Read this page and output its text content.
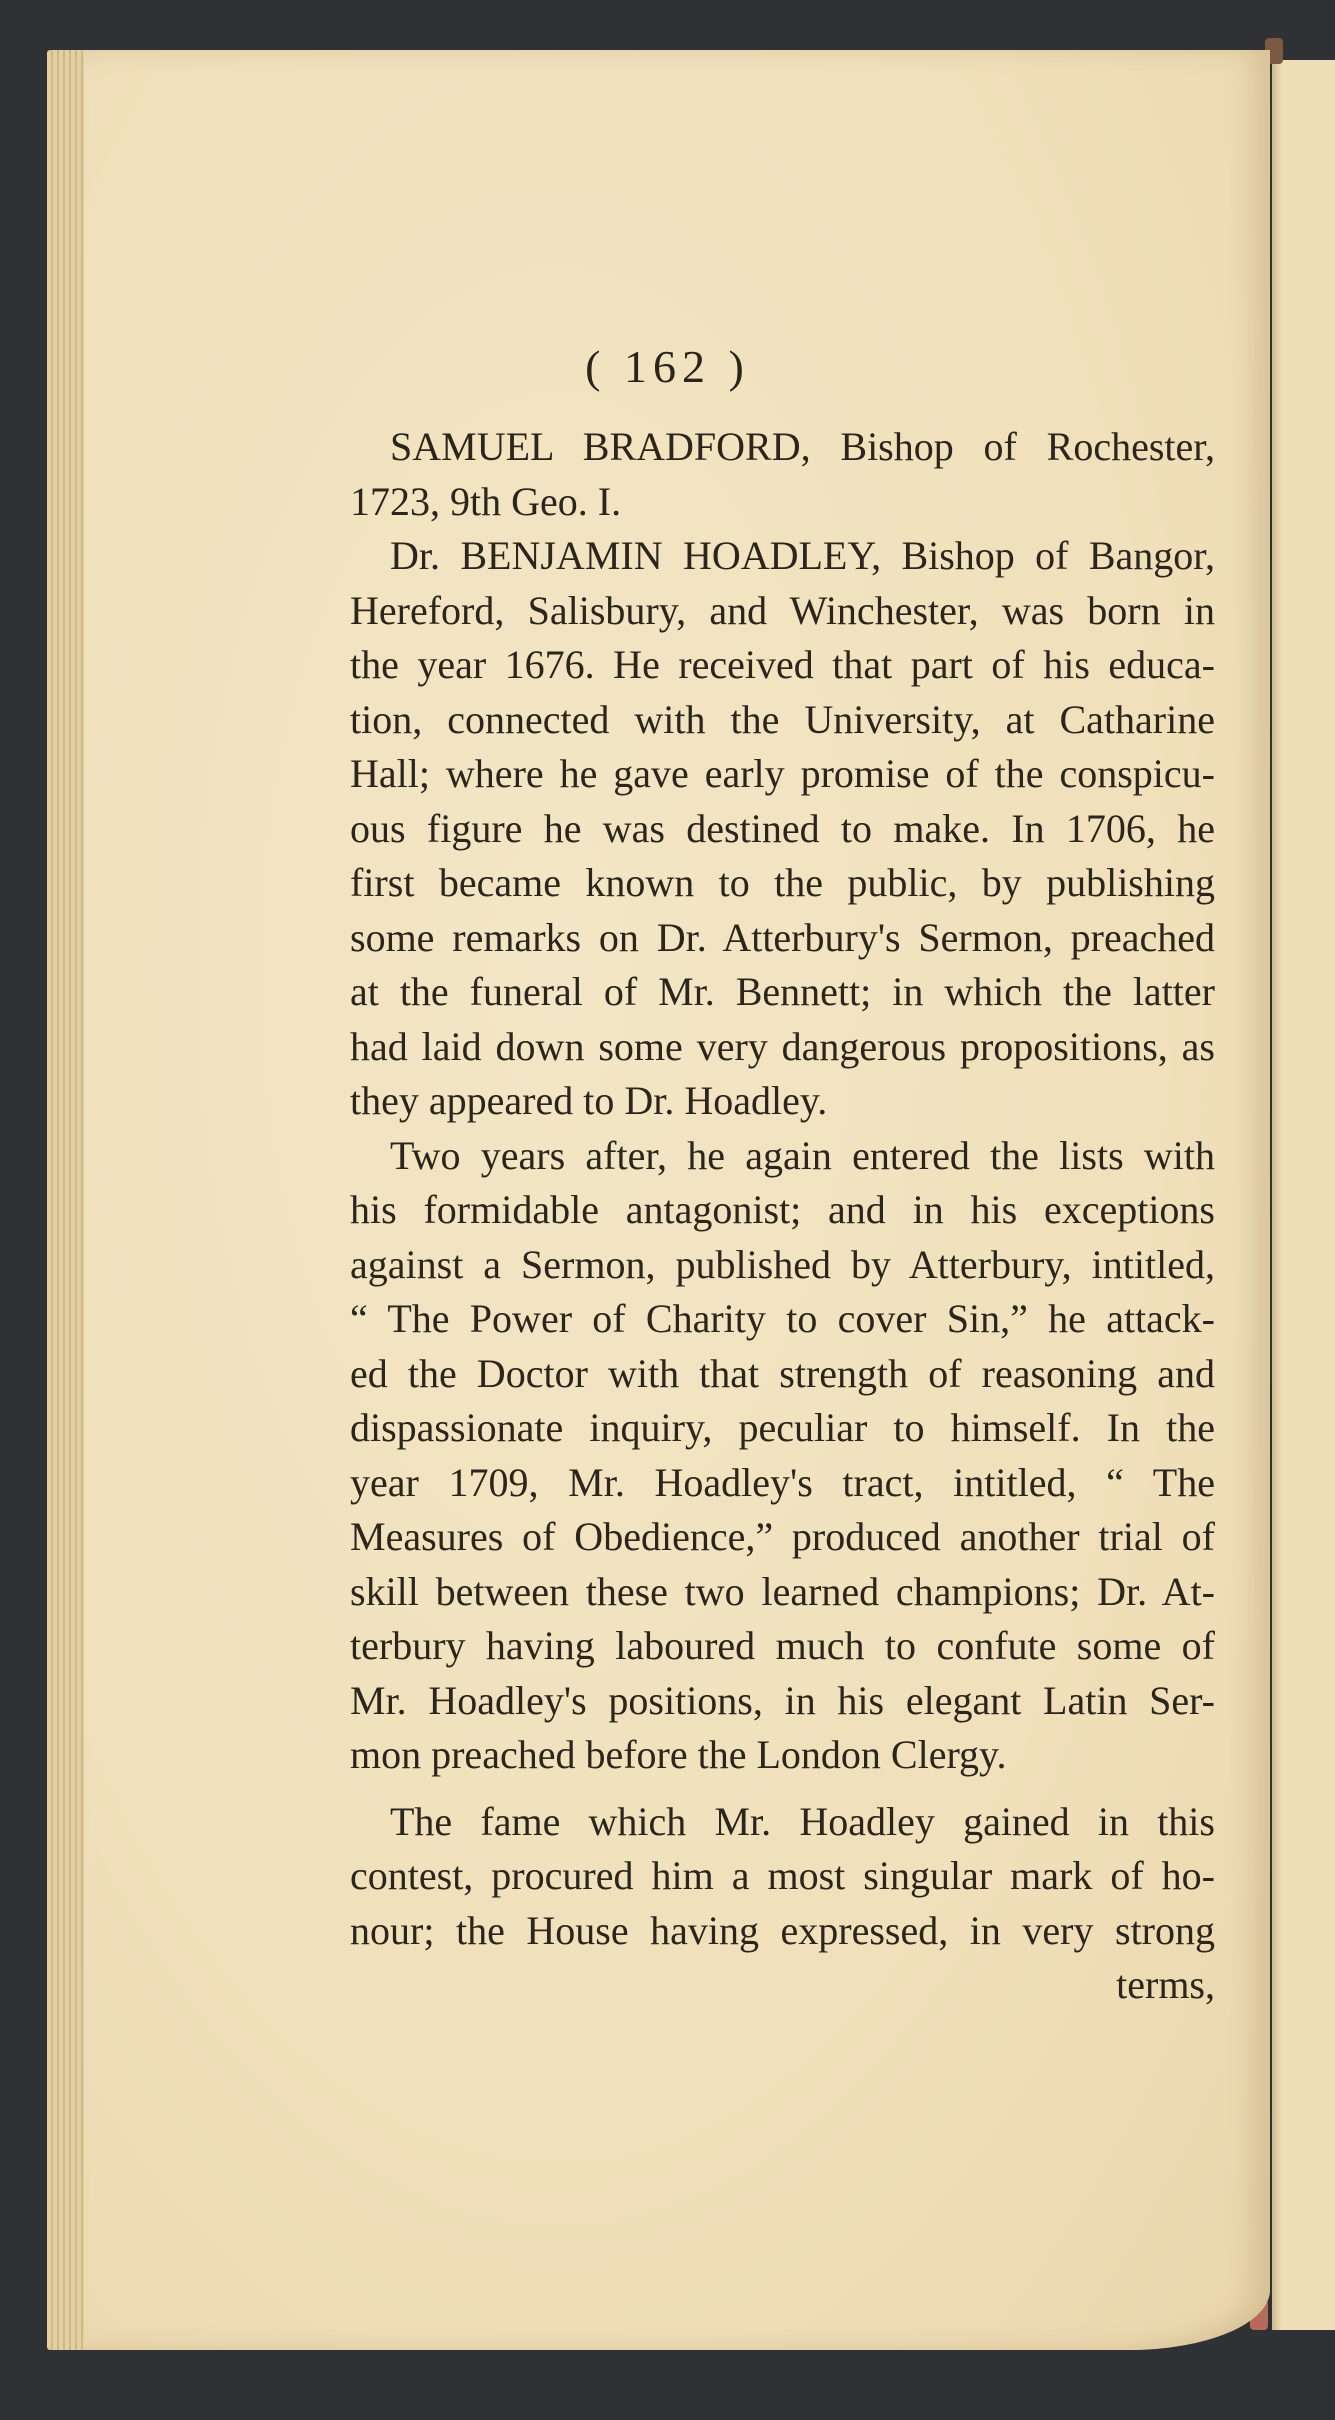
( 162 )
SAMUEL BRADFORD, Bishop of Rochester,
1723, 9th Geo. I.
Dr. BENJAMIN HOADLEY, Bishop of Bangor,
Hereford, Salisbury, and Winchester, was born in
the year 1676. He received that part of his educa-
tion, connected with the University, at Catharine
Hall; where he gave early promise of the conspicu-
ous figure he was destined to make. In 1706, he
first became known to the public, by publishing
some remarks on Dr. Atterbury's Sermon, preached
at the funeral of Mr. Bennett; in which the latter
had laid down some very dangerous propositions, as
they appeared to Dr. Hoadley.
Two years after, he again entered the lists with
his formidable antagonist; and in his exceptions
against a Sermon, published by Atterbury, intitled,
“ The Power of Charity to cover Sin,” he attack-
ed the Doctor with that strength of reasoning and
dispassionate inquiry, peculiar to himself. In the
year 1709, Mr. Hoadley's tract, intitled, “ The
Measures of Obedience,” produced another trial of
skill between these two learned champions; Dr. At-
terbury having laboured much to confute some of
Mr. Hoadley's positions, in his elegant Latin Ser-
mon preached before the London Clergy.
The fame which Mr. Hoadley gained in this
contest, procured him a most singular mark of ho-
nour; the House having expressed, in very strong
terms,
